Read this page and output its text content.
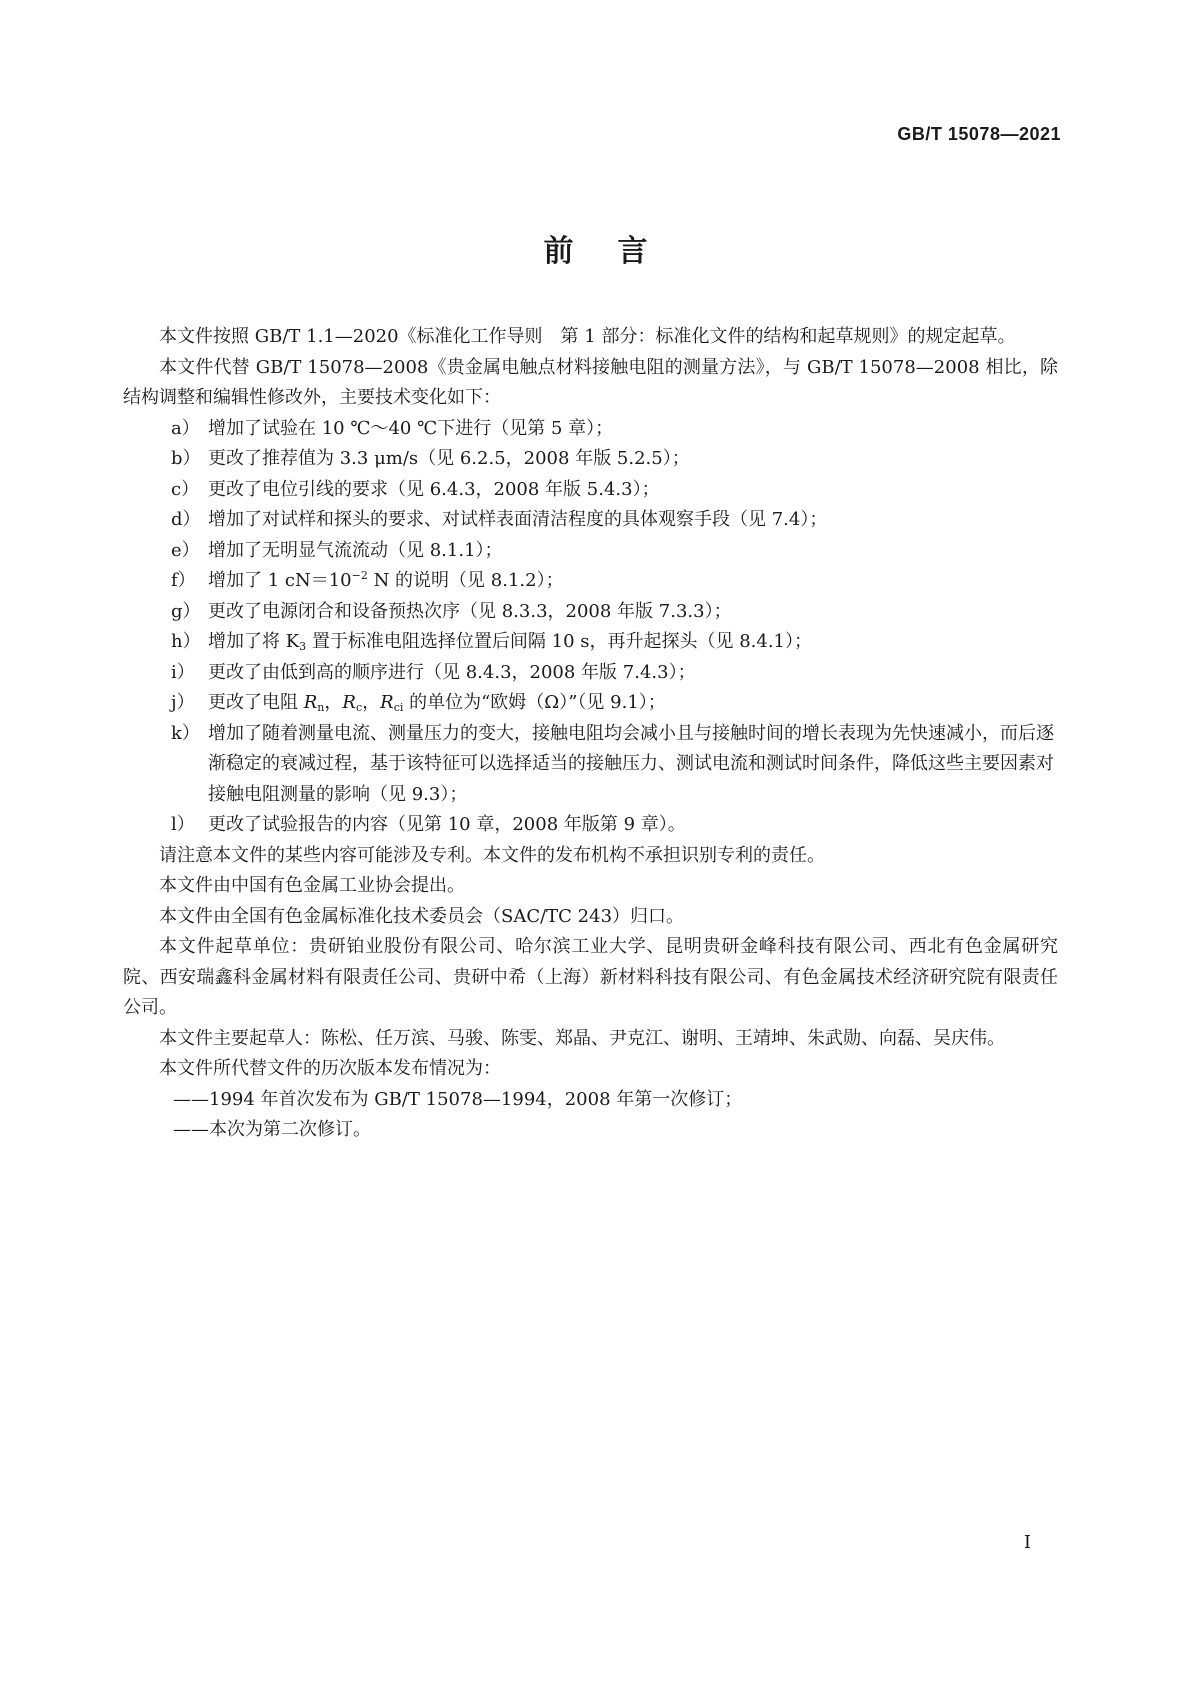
GB/T 15078—2021
前 言
本文件按照 GB/T 1.1—2020《标准化工作导则　第 1 部分：标准化文件的结构和起草规则》的规定起草。
本文件代替 GB/T 15078—2008《贵金属电触点材料接触电阻的测量方法》，与 GB/T 15078—2008 相比，除结构调整和编辑性修改外，主要技术变化如下：
a） 增加了试验在 10 ℃～40 ℃下进行（见第 5 章）；
b） 更改了推荐值为 3.3 μm/s（见 6.2.5，2008 年版 5.2.5）；
c） 更改了电位引线的要求（见 6.4.3，2008 年版 5.4.3）；
d） 增加了对试样和探头的要求、对试样表面清洁程度的具体观察手段（见 7.4）；
e） 增加了无明显气流流动（见 8.1.1）；
f） 增加了 1 $cN=10^{-2}$ N 的说明（见 8.1.2）；
g） 更改了电源闭合和设备预热次序（见 8.3.3，2008 年版 7.3.3）；
h） 增加了将 $K_3$ 置于标准电阻选择位置后间隔 10 s，再升起探头（见 8.4.1）；
i） 更改了由低到高的顺序进行（见 8.4.3，2008 年版 7.4.3）；
j） 更改了电阻 $R_n$，$R_c$，$R_{ci}$ 的单位为“欧姆（Ω）”（见 9.1）；
k） 增加了随着测量电流、测量压力的变大，接触电阻均会减小且与接触时间的增长表现为先快速减小，而后逐渐稳定的衰减过程，基于该特征可以选择适当的接触压力、测试电流和测试时间条件，降低这些主要因素对接触电阻测量的影响（见 9.3）；
l） 更改了试验报告的内容（见第 10 章，2008 年版第 9 章）。
请注意本文件的某些内容可能涉及专利。本文件的发布机构不承担识别专利的责任。
本文件由中国有色金属工业协会提出。
本文件由全国有色金属标准化技术委员会（SAC/TC 243）归口。
本文件起草单位：贵研铂业股份有限公司、哈尔滨工业大学、昆明贵研金峰科技有限公司、西北有色金属研究院、西安瑞鑫科金属材料有限责任公司、贵研中希（上海）新材料科技有限公司、有色金属技术经济研究院有限责任公司。
本文件主要起草人：陈松、任万滨、马骏、陈雯、郑晶、尹克江、谢明、王靖坤、朱武勋、向磊、吴庆伟。
本文件所代替文件的历次版本发布情况为：
——1994 年首次发布为 GB/T 15078—1994，2008 年第一次修订；
——本次为第二次修订。
I
